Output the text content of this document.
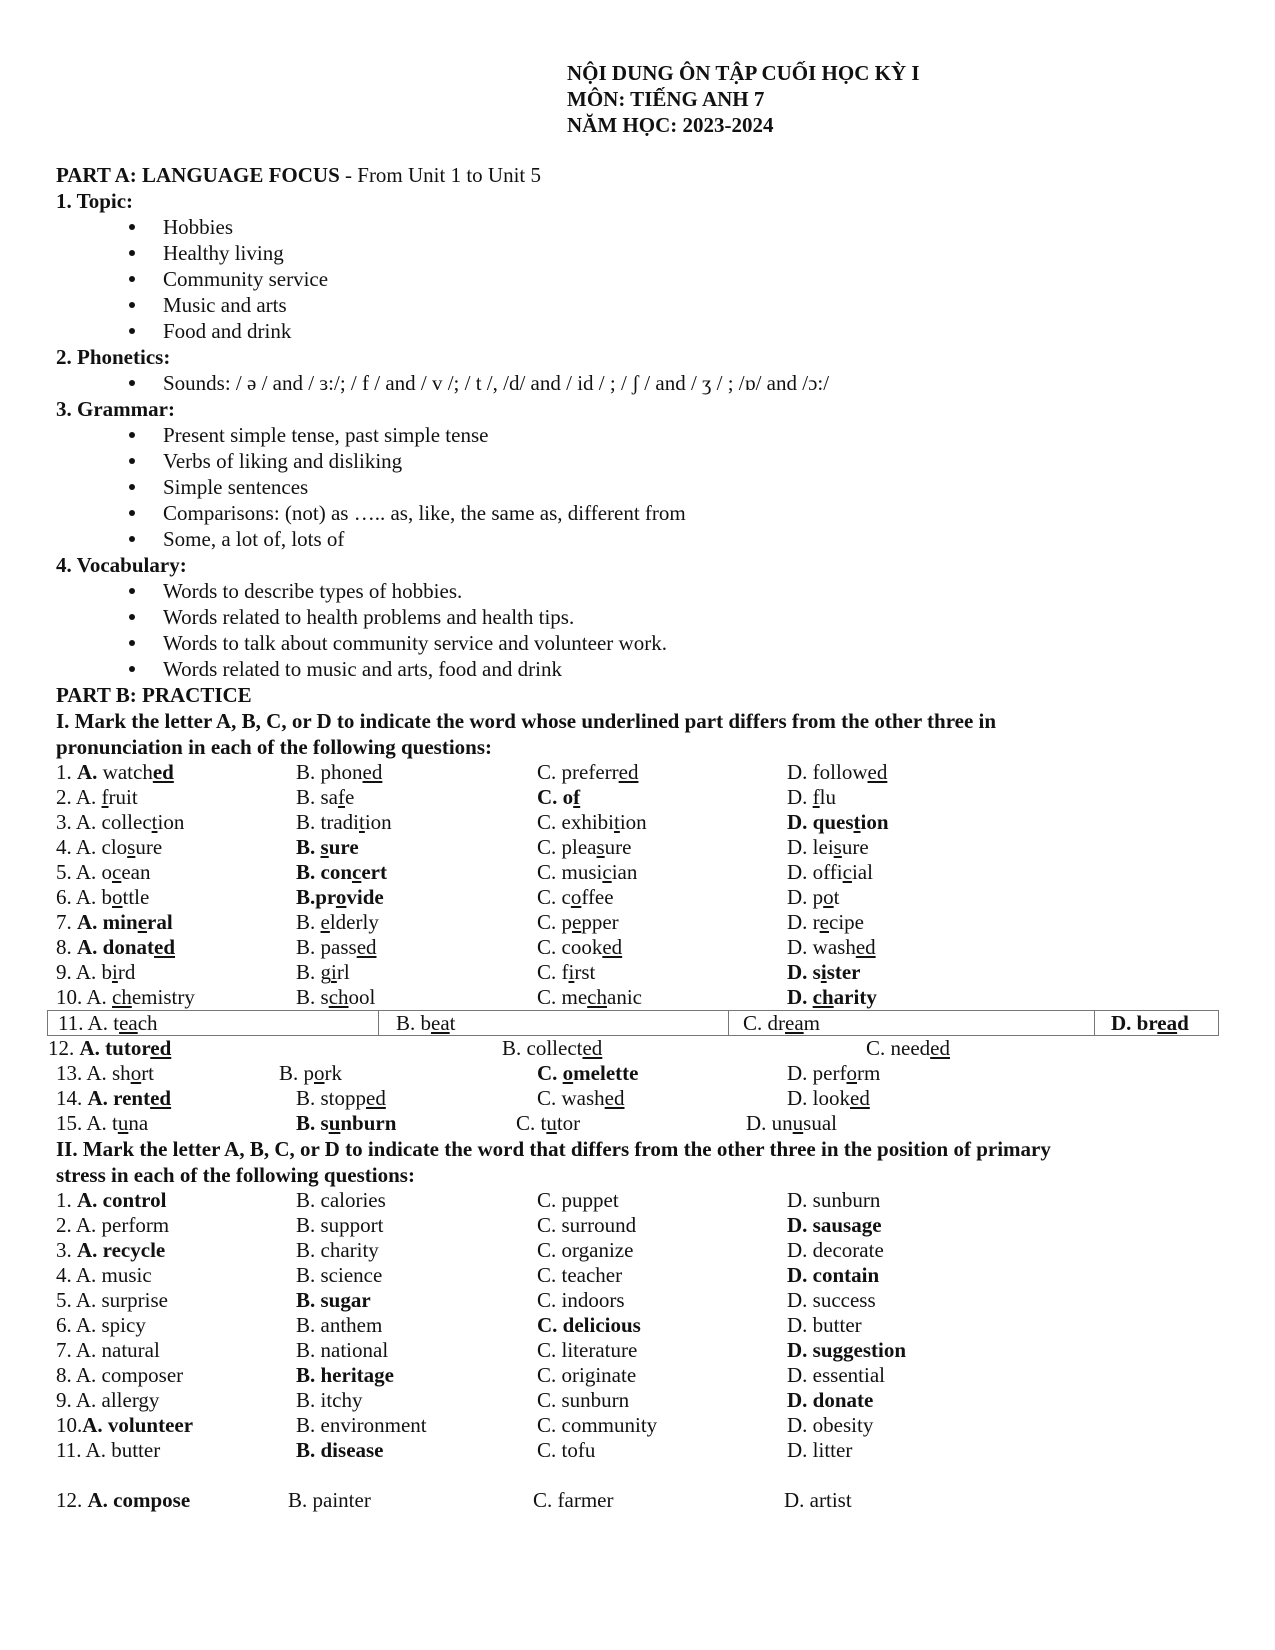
NỘI DUNG ÔN TẬP CUỐI HỌC KỲ I
MÔN: TIẾNG ANH 7
NĂM HỌC: 2023-2024
PART A: LANGUAGE FOCUS - From Unit 1 to Unit 5
1. Topic:
Hobbies
Healthy living
Community service
Music and arts
Food and drink
2. Phonetics:
Sounds: / ə / and / ɜ:/; / f / and / v /; / t /, /d/ and / id / ; / ʃ / and / ʒ / ; /ɒ/ and /ɔ:/
3. Grammar:
Present simple tense, past simple tense
Verbs of liking and disliking
Simple sentences
Comparisons: (not) as ….. as, like, the same as, different from
Some, a lot of, lots of
4. Vocabulary:
Words to describe types of hobbies.
Words related to health problems and health tips.
Words to talk about community service and volunteer work.
Words related to music and arts, food and drink
PART B: PRACTICE
I. Mark the letter A, B, C, or D to indicate the word whose underlined part differs from the other three in
pronunciation in each of the following questions:
1. A. watched	B. phoned	C. preferred	D. followed
2. A. fruit	B. safe	C. of	D. flu
3. A. collection	B. tradition	C. exhibition	D. question
4. A. closure	B. sure	C. pleasure	D. leisure
5. A. ocean	B. concert	C. musician	D. official
6. A. bottle	B.provide	C. coffee	D. pot
7. A. mineral	B. elderly	C. pepper	D. recipe
8. A. donated	B. passed	C. cooked	D. washed
9. A. bird	B. girl	C. first	D. sister
10. A. chemistry	B. school	C. mechanic	D. charity
11. A. teach	B. beat	C. dream	D. bread
12. A. tutored	B. collected	C. needed
13. A. short	B. pork	C. omelette	D. perform
14. A. rented	B. stopped	C. washed	D. looked
15. A. tuna	B. sunburn	C. tutor	D. unusual
II. Mark the letter A, B, C, or D to indicate the word that differs from the other three in the position of primary
stress in each of the following questions:
1. A. control	B. calories	C. puppet	D. sunburn
2. A. perform	B. support	C. surround	D. sausage
3. A. recycle	B. charity	C. organize	D. decorate
4. A. music	B. science	C. teacher	D. contain
5. A. surprise	B. sugar	C. indoors	D. success
6. A. spicy	B. anthem	C. delicious	D. butter
7. A. natural	B. national	C. literature	D. suggestion
8. A. composer	B. heritage	C. originate	D. essential
9. A. allergy	B. itchy	C. sunburn	D. donate
10.A. volunteer	B. environment	C. community	D. obesity
11. A. butter	B. disease	C. tofu	D. litter
12. A. compose	B. painter	C. farmer	D. artist
